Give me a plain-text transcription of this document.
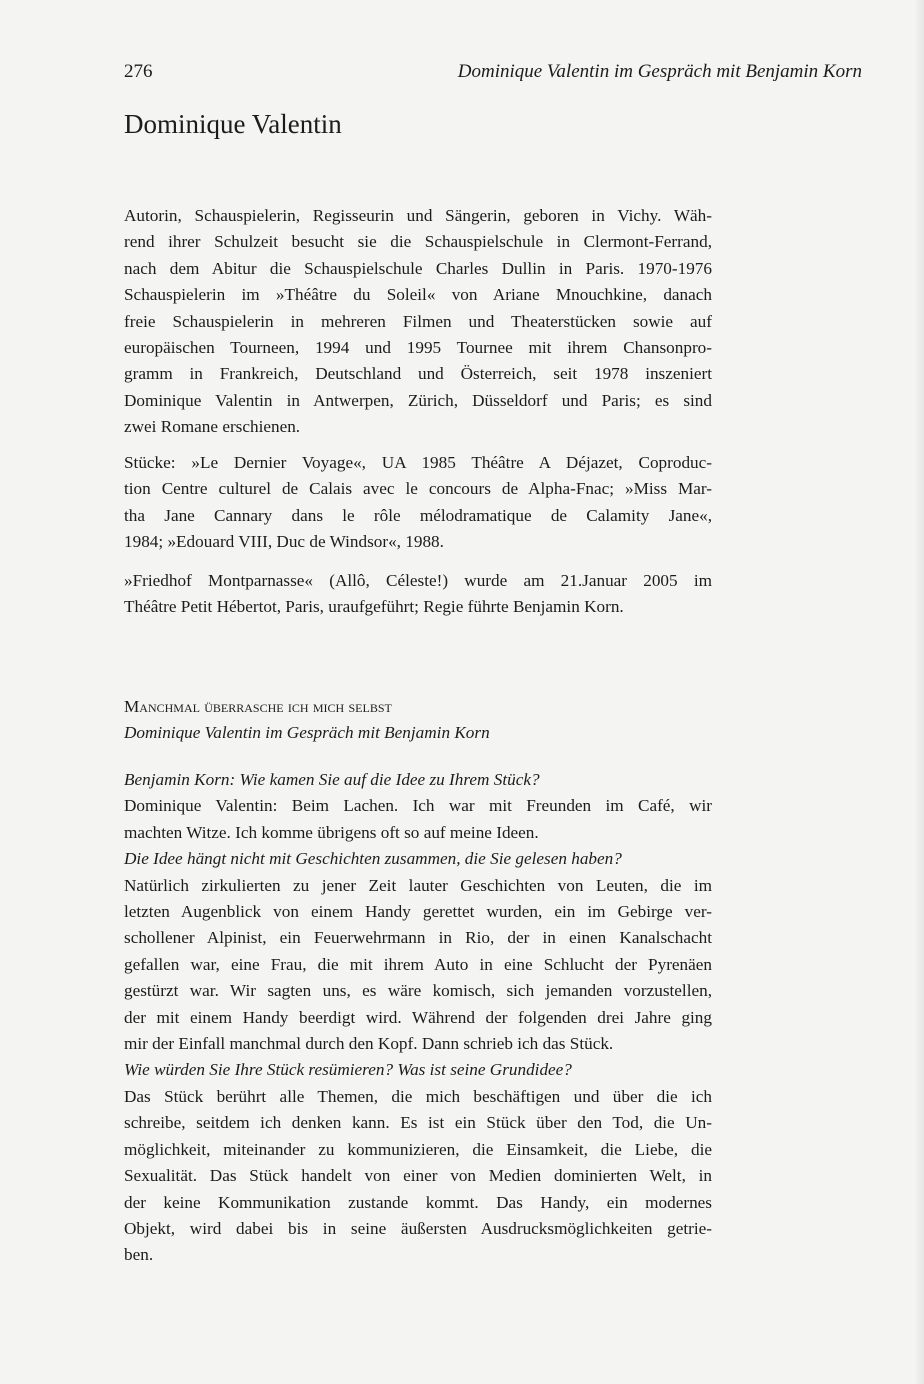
276	Dominique Valentin im Gespräch mit Benjamin Korn
Dominique Valentin

Autorin, Schauspielerin, Regisseurin und Sängerin, geboren in Vichy. Wäh-
rend ihrer Schulzeit besucht sie die Schauspielschule in Clermont-Ferrand,
nach dem Abitur die Schauspielschule Charles Dullin in Paris. 1970-1976
Schauspielerin im »Théâtre du Soleil« von Ariane Mnouchkine, danach
freie Schauspielerin in mehreren Filmen und Theaterstücken sowie auf
europäischen Tourneen, 1994 und 1995 Tournee mit ihrem Chansonpro-
gramm in Frankreich, Deutschland und Österreich, seit 1978 inszeniert
Dominique Valentin in Antwerpen, Zürich, Düsseldorf und Paris; es sind
zwei Romane erschienen.

Stücke: »Le Dernier Voyage«, UA 1985 Théâtre A Déjazet, Coproduc-
tion Centre culturel de Calais avec le concours de Alpha-Fnac; »Miss Mar-
tha Jane Cannary dans le rôle mélodramatique de Calamity Jane«,
1984; »Edouard VIII, Duc de Windsor«, 1988.

»Friedhof Montparnasse« (Allô, Céleste!) wurde am 21.Januar 2005 im
Théâtre Petit Hébertot, Paris, uraufgeführt; Regie führte Benjamin Korn.

Manchmal überrasche ich mich selbst
Dominique Valentin im Gespräch mit Benjamin Korn

Benjamin Korn: Wie kamen Sie auf die Idee zu Ihrem Stück?
Dominique Valentin: Beim Lachen. Ich war mit Freunden im Café, wir
machten Witze. Ich komme übrigens oft so auf meine Ideen.
Die Idee hängt nicht mit Geschichten zusammen, die Sie gelesen haben?
Natürlich zirkulierten zu jener Zeit lauter Geschichten von Leuten, die im
letzten Augenblick von einem Handy gerettet wurden, ein im Gebirge ver-
schollener Alpinist, ein Feuerwehrmann in Rio, der in einen Kanalschacht
gefallen war, eine Frau, die mit ihrem Auto in eine Schlucht der Pyrenäen
gestürzt war. Wir sagten uns, es wäre komisch, sich jemanden vorzustellen,
der mit einem Handy beerdigt wird. Während der folgenden drei Jahre ging
mir der Einfall manchmal durch den Kopf. Dann schrieb ich das Stück.
Wie würden Sie Ihre Stück resümieren? Was ist seine Grundidee?
Das Stück berührt alle Themen, die mich beschäftigen und über die ich
schreibe, seitdem ich denken kann. Es ist ein Stück über den Tod, die Un-
möglichkeit, miteinander zu kommunizieren, die Einsamkeit, die Liebe, die
Sexualität. Das Stück handelt von einer von Medien dominierten Welt, in
der keine Kommunikation zustande kommt. Das Handy, ein modernes
Objekt, wird dabei bis in seine äußersten Ausdrucksmöglichkeiten getrie-
ben.
